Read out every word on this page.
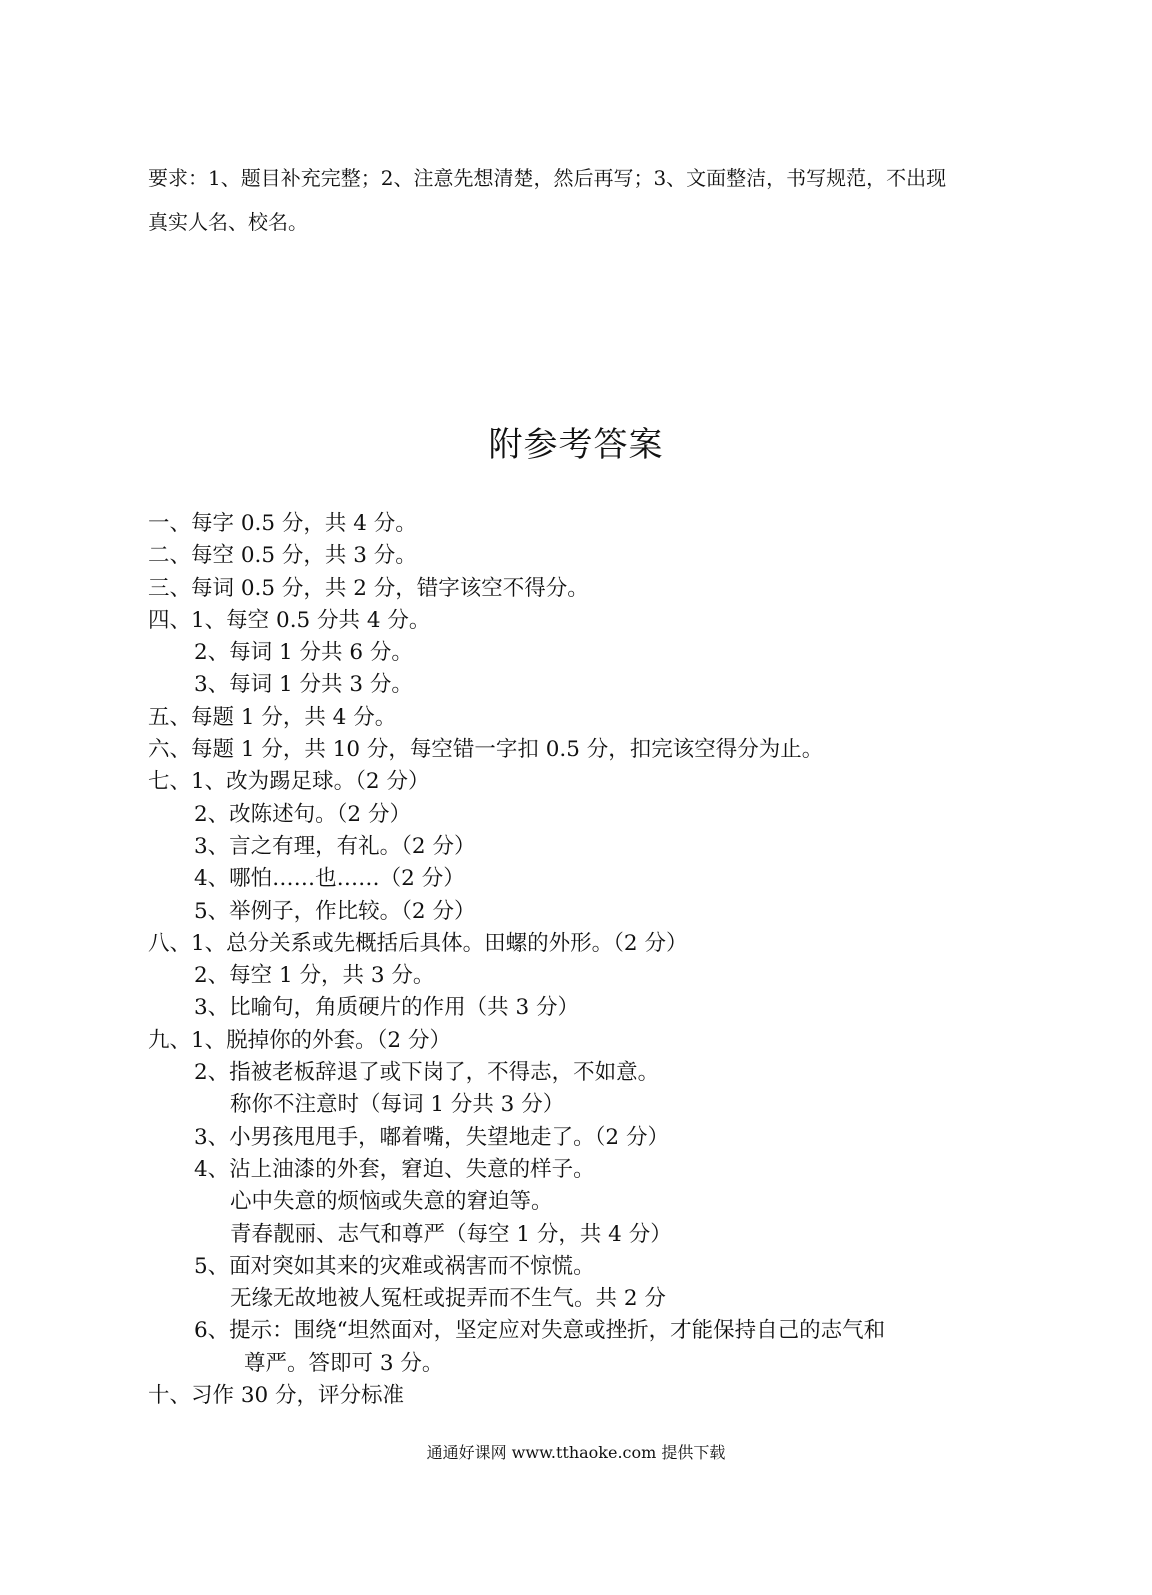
要求：1、题目补充完整；2、注意先想清楚，然后再写；3、文面整洁，书写规范，不出现
真实人名、校名。
附参考答案
一、每字 0.5 分，共 4 分。
二、每空 0.5 分，共 3 分。
三、每词 0.5 分，共 2 分，错字该空不得分。
四、1、每空 0.5 分共 4 分。
2、每词 1 分共 6 分。
3、每词 1 分共 3 分。
五、每题 1 分，共 4 分。
六、每题 1 分，共 10 分，每空错一字扣 0.5 分，扣完该空得分为止。
七、1、改为踢足球。（2 分）
2、改陈述句。（2 分）
3、言之有理，有礼。（2 分）
4、哪怕……也……（2 分）
5、举例子，作比较。（2 分）
八、1、总分关系或先概括后具体。田螺的外形。（2 分）
2、每空 1 分，共 3 分。
3、比喻句，角质硬片的作用（共 3 分）
九、1、脱掉你的外套。（2 分）
2、指被老板辞退了或下岗了，不得志，不如意。
称你不注意时（每词 1 分共 3 分）
3、小男孩甩甩手，嘟着嘴，失望地走了。（2 分）
4、沾上油漆的外套，窘迫、失意的样子。
心中失意的烦恼或失意的窘迫等。
青春靓丽、志气和尊严（每空 1 分，共 4 分）
5、面对突如其来的灾难或祸害而不惊慌。
无缘无故地被人冤枉或捉弄而不生气。共 2 分
6、提示：围绕“坦然面对，坚定应对失意或挫折，才能保持自己的志气和
尊严。答即可 3 分。
十、习作 30 分，评分标准
通通好课网 www.tthaoke.com 提供下载
